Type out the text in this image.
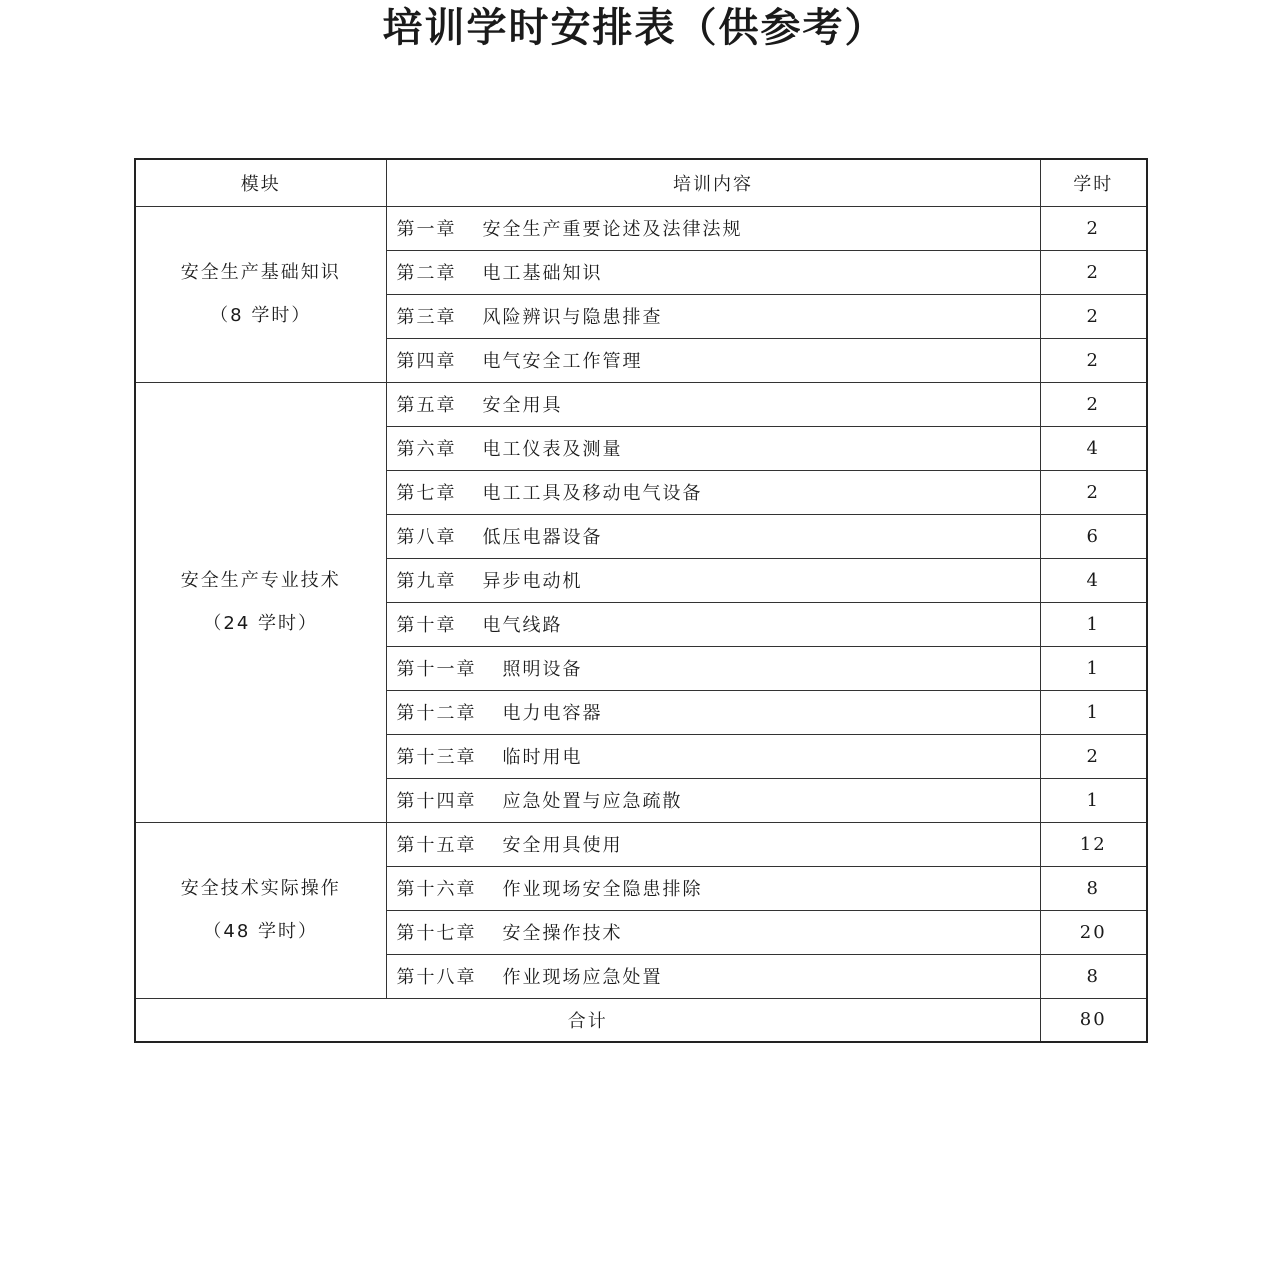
培训学时安排表（供参考）
模块	培训内容	学时
安全生产基础知识
（8 学时）	第一章 安全生产重要论述及法律法规	2
	第二章 电工基础知识	2
	第三章 风险辨识与隐患排查	2
	第四章 电气安全工作管理	2
安全生产专业技术
（24 学时）	第五章 安全用具	2
	第六章 电工仪表及测量	4
	第七章 电工工具及移动电气设备	2
	第八章 低压电器设备	6
	第九章 异步电动机	4
	第十章 电气线路	1
	第十一章 照明设备	1
	第十二章 电力电容器	1
	第十三章 临时用电	2
	第十四章 应急处置与应急疏散	1
安全技术实际操作
（48 学时）	第十五章 安全用具使用	12
	第十六章 作业现场安全隐患排除	8
	第十七章 安全操作技术	20
	第十八章 作业现场应急处置	8
合计		80
